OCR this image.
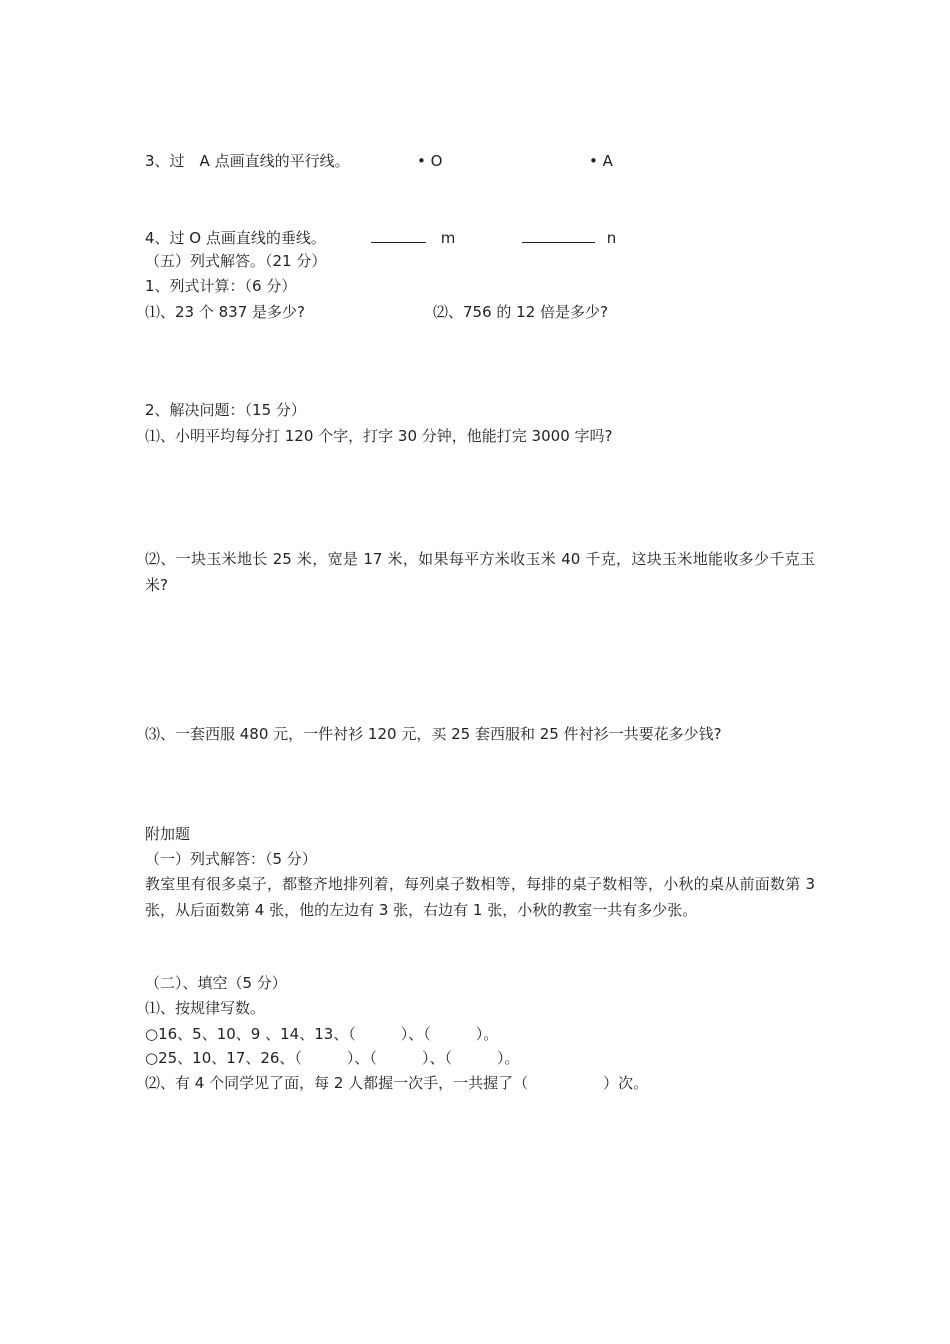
3、过　A 点画直线的平行线。	• O	• A
4、过 O 点画直线的垂线。	m	n
（五）列式解答。（21 分）
1、列式计算：（6 分）
⑴、23 个 837 是多少?	⑵、756 的 12 倍是多少?
2、解决问题：（15 分）
⑴、小明平均每分打 120 个字，打字 30 分钟，他能打完 3000 字吗?
⑵、一块玉米地长 25 米，宽是 17 米，如果每平方米收玉米 40 千克，这块玉米地能收多少千克玉米?
⑶、一套西服 480 元，一件衬衫 120 元，买 25 套西服和 25 件衬衫一共要花多少钱?
附加题
（一）列式解答：（5 分）
教室里有很多桌子，都整齐地排列着，每列桌子数相等，每排的桌子数相等，小秋的桌从前面数第 3 张，从后面数第 4 张，他的左边有 3 张，右边有 1 张，小秋的教室一共有多少张。
（二）、填空（5 分）
⑴、按规律写数。
○16、5、10、9 、14、13、（　　　）、（　　　）。
○25、10、17、26、（　　　）、（　　　）、（　　　）。
⑵、有 4 个同学见了面，每 2 人都握一次手，一共握了（　　　　　）次。
